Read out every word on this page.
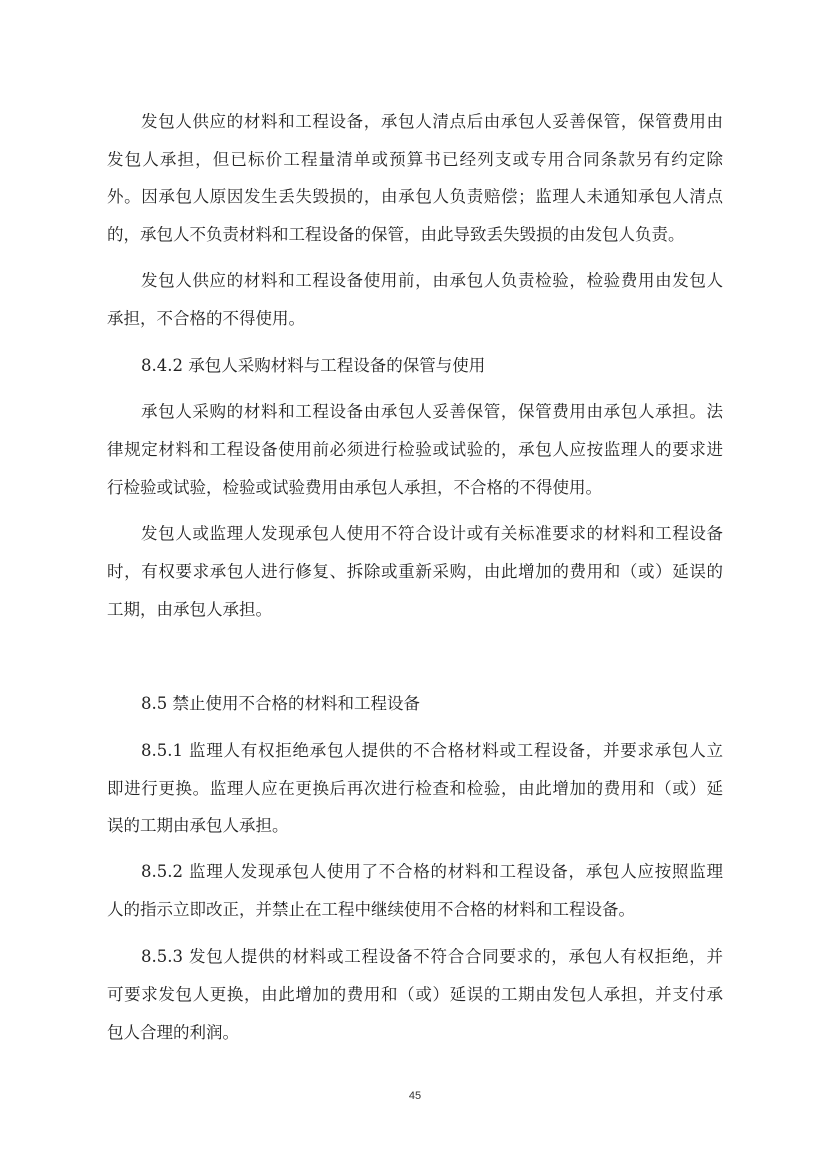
发包人供应的材料和工程设备，承包人清点后由承包人妥善保管，保管费用由
发包人承担，但已标价工程量清单或预算书已经列支或专用合同条款另有约定除
外。因承包人原因发生丢失毁损的，由承包人负责赔偿；监理人未通知承包人清点
的，承包人不负责材料和工程设备的保管，由此导致丢失毁损的由发包人负责。
发包人供应的材料和工程设备使用前，由承包人负责检验，检验费用由发包人
承担，不合格的不得使用。
8.4.2 承包人采购材料与工程设备的保管与使用
承包人采购的材料和工程设备由承包人妥善保管，保管费用由承包人承担。法
律规定材料和工程设备使用前必须进行检验或试验的，承包人应按监理人的要求进
行检验或试验，检验或试验费用由承包人承担，不合格的不得使用。
发包人或监理人发现承包人使用不符合设计或有关标准要求的材料和工程设备
时，有权要求承包人进行修复、拆除或重新采购，由此增加的费用和（或）延误的
工期，由承包人承担。
8.5 禁止使用不合格的材料和工程设备
8.5.1 监理人有权拒绝承包人提供的不合格材料或工程设备，并要求承包人立
即进行更换。监理人应在更换后再次进行检查和检验，由此增加的费用和（或）延
误的工期由承包人承担。
8.5.2 监理人发现承包人使用了不合格的材料和工程设备，承包人应按照监理
人的指示立即改正，并禁止在工程中继续使用不合格的材料和工程设备。
8.5.3 发包人提供的材料或工程设备不符合合同要求的，承包人有权拒绝，并
可要求发包人更换，由此增加的费用和（或）延误的工期由发包人承担，并支付承
包人合理的利润。
45
